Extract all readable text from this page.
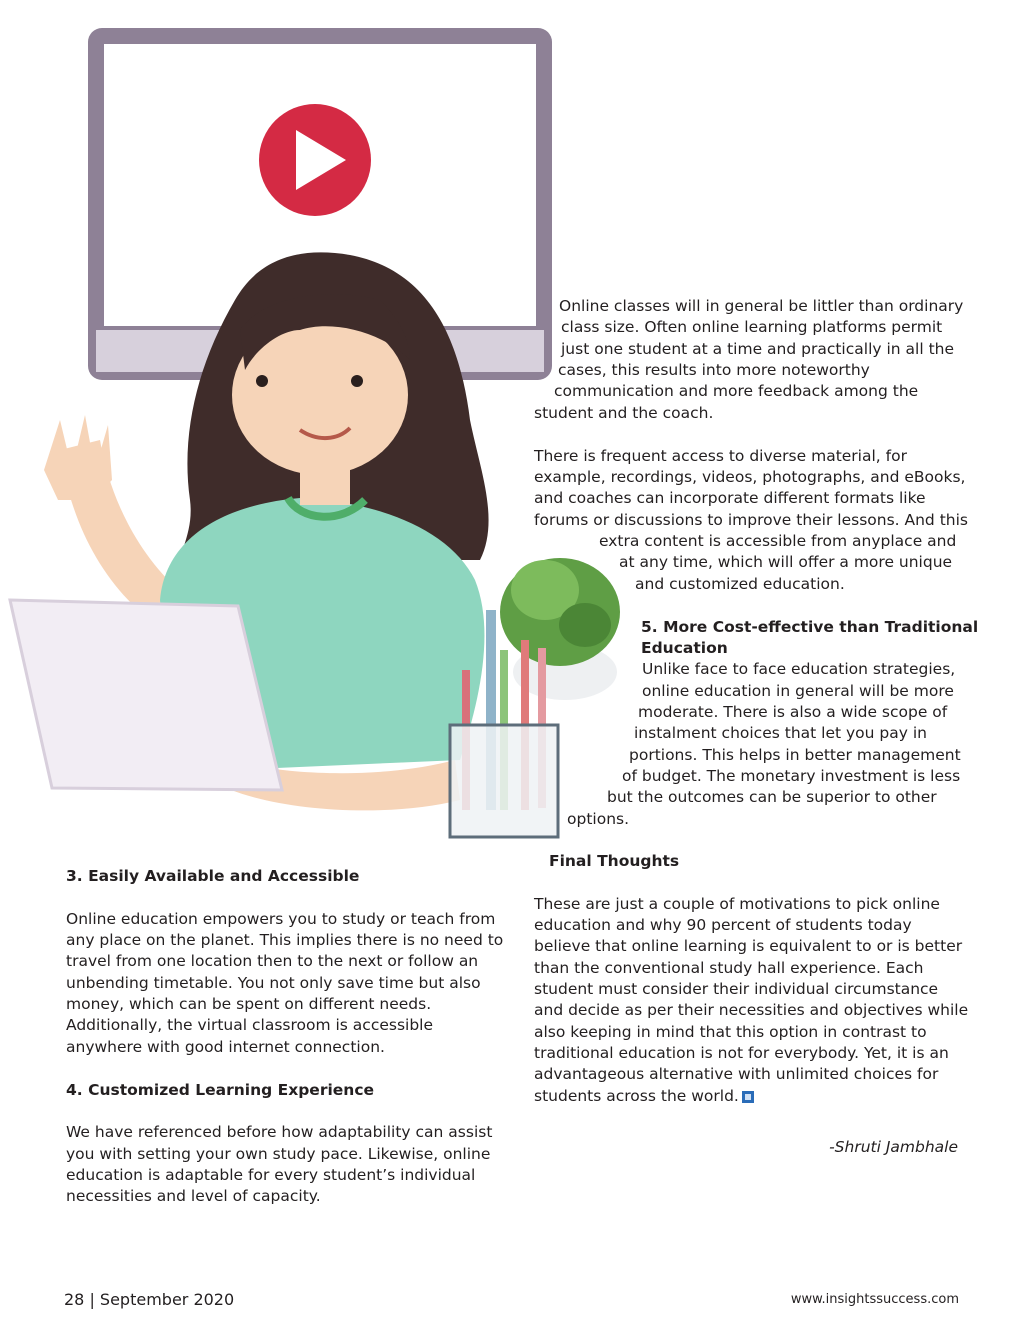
Online classes will in general be littler than ordinary
class size. Often online learning platforms permit
just one student at a time and practically in all the
cases, this results into more noteworthy
communication and more feedback among the
student and the coach.
There is frequent access to diverse material, for
example, recordings, videos, photographs, and eBooks,
and coaches can incorporate different formats like
forums or discussions to improve their lessons. And this
extra content is accessible from anyplace and
at any time, which will offer a more unique
and customized education.
5. More Cost-effective than Traditional
Education
Unlike face to face education strategies,
online education in general will be more
moderate. There is also a wide scope of
instalment choices that let you pay in
portions. This helps in better management
of budget. The monetary investment is less
but the outcomes can be superior to other
options.
Final Thoughts
These are just a couple of motivations to pick online
education and why 90 percent of students today
believe that online learning is equivalent to or is better
than the conventional study hall experience. Each
student must consider their individual circumstance
and decide as per their necessities and objectives while
also keeping in mind that this option in contrast to
traditional education is not for everybody. Yet, it is an
advantageous alternative with unlimited choices for
students across the world.
-Shruti Jambhale
3. Easily Available and Accessible
Online education empowers you to study or teach from
any place on the planet. This implies there is no need to
travel from one location then to the next or follow an
unbending timetable. You not only save time but also
money, which can be spent on different needs.
Additionally, the virtual classroom is accessible
anywhere with good internet connection.
4. Customized Learning Experience
We have referenced before how adaptability can assist
you with setting your own study pace. Likewise, online
education is adaptable for every student’s individual
necessities and level of capacity.
28 | September 2020	www.insightssuccess.com
